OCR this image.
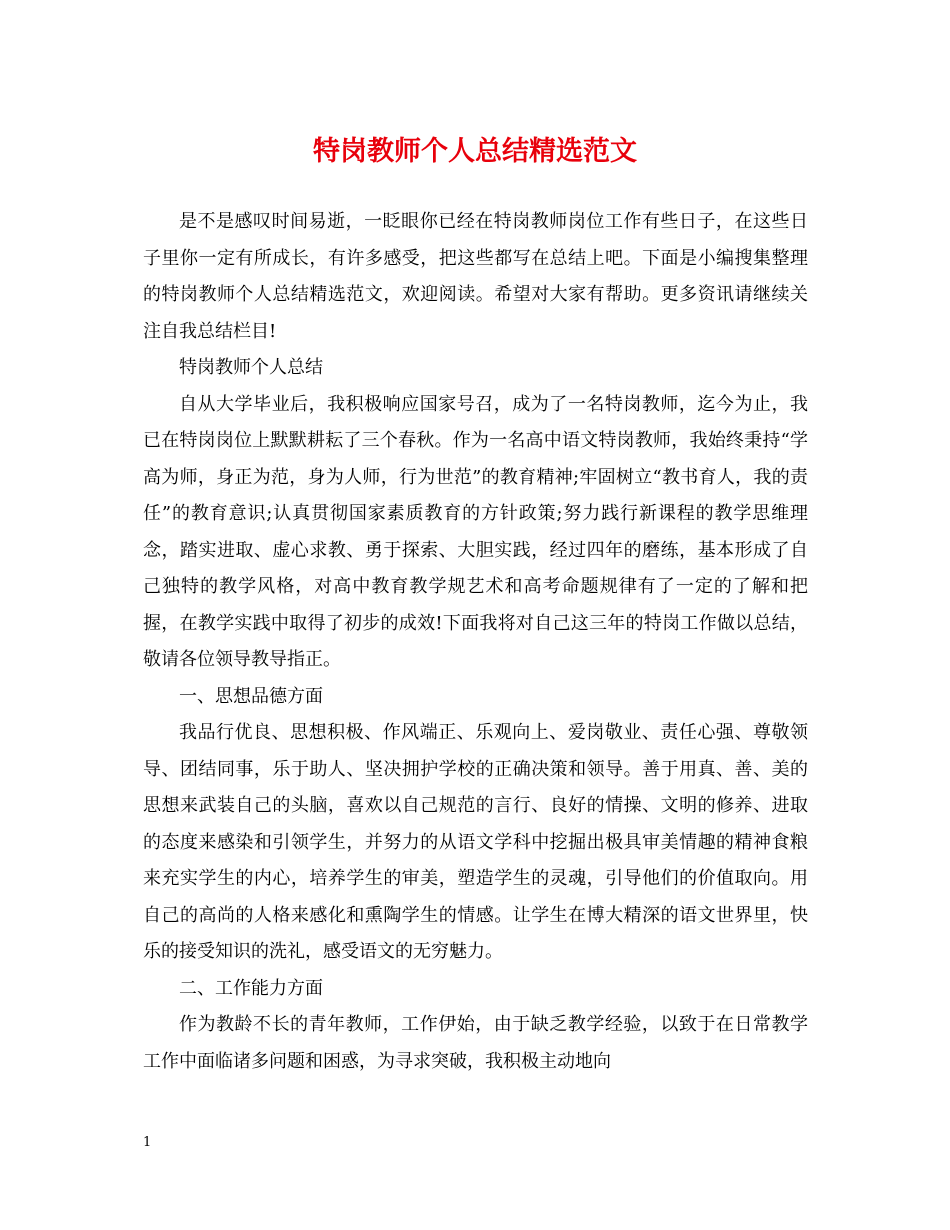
特岗教师个人总结精选范文

是不是感叹时间易逝，一眨眼你已经在特岗教师岗位工作有些日子，在这些日子里你一定有所成长，有许多感受，把这些都写在总结上吧。下面是小编搜集整理的特岗教师个人总结精选范文，欢迎阅读。希望对大家有帮助。更多资讯请继续关注自我总结栏目!

特岗教师个人总结

自从大学毕业后，我积极响应国家号召，成为了一名特岗教师，迄今为止，我已在特岗岗位上默默耕耘了三个春秋。作为一名高中语文特岗教师，我始终秉持“学高为师，身正为范，身为人师，行为世范”的教育精神;牢固树立“教书育人，我的责任”的教育意识;认真贯彻国家素质教育的方针政策;努力践行新课程的教学思维理念，踏实进取、虚心求教、勇于探索、大胆实践，经过四年的磨练，基本形成了自己独特的教学风格，对高中教育教学规艺术和高考命题规律有了一定的了解和把握，在教学实践中取得了初步的成效!下面我将对自己这三年的特岗工作做以总结，敬请各位领导教导指正。

一、思想品德方面

我品行优良、思想积极、作风端正、乐观向上、爱岗敬业、责任心强、尊敬领导、团结同事，乐于助人、坚决拥护学校的正确决策和领导。善于用真、善、美的思想来武装自己的头脑，喜欢以自己规范的言行、良好的情操、文明的修养、进取的态度来感染和引领学生，并努力的从语文学科中挖掘出极具审美情趣的精神食粮来充实学生的内心，培养学生的审美，塑造学生的灵魂，引导他们的价值取向。用自己的高尚的人格来感化和熏陶学生的情感。让学生在博大精深的语文世界里，快乐的接受知识的洗礼，感受语文的无穷魅力。

二、工作能力方面

作为教龄不长的青年教师，工作伊始，由于缺乏教学经验，以致于在日常教学工作中面临诸多问题和困惑，为寻求突破，我积极主动地向

1
